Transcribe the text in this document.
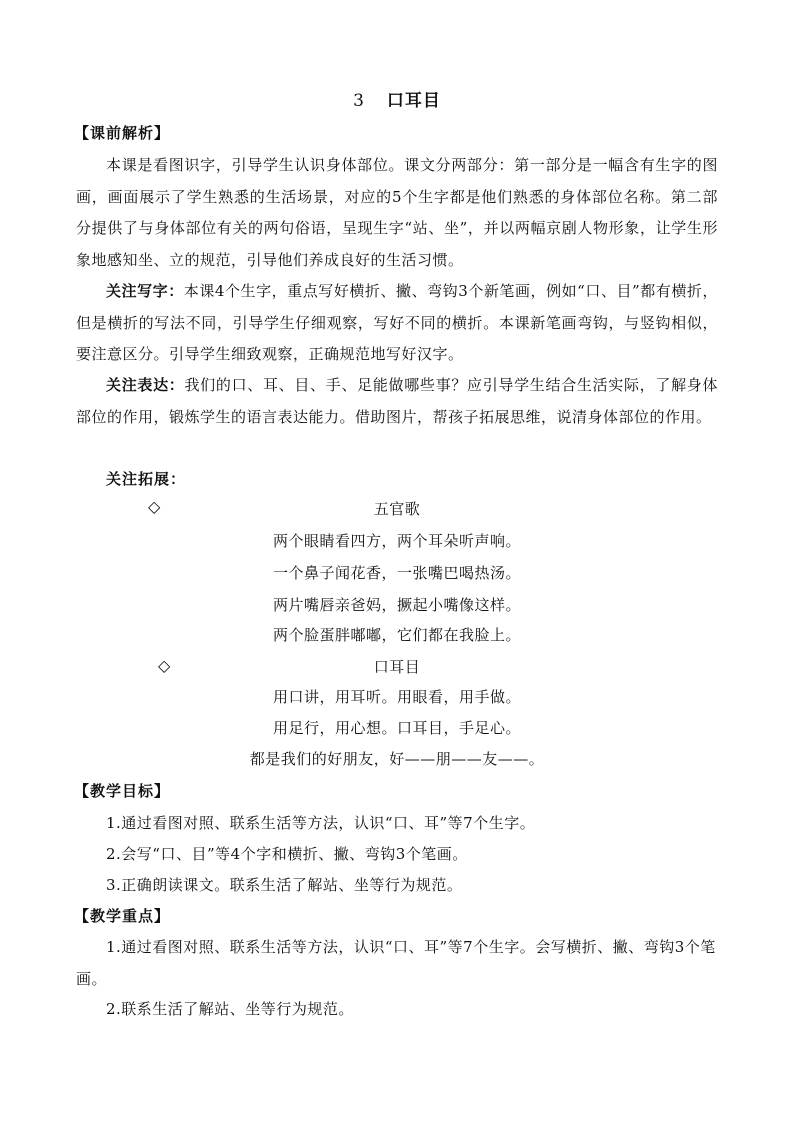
3 口耳目
【课前解析】

本课是看图识字，引导学生认识身体部位。课文分两部分：第一部分是一幅含有生字的图画，画面展示了学生熟悉的生活场景，对应的5个生字都是他们熟悉的身体部位名称。第二部分提供了与身体部位有关的两句俗语，呈现生字“站、坐”，并以两幅京剧人物形象，让学生形象地感知坐、立的规范，引导他们养成良好的生活习惯。

关注写字：本课4个生字，重点写好横折、撇、弯钩3个新笔画，例如“口、目”都有横折，但是横折的写法不同，引导学生仔细观察，写好不同的横折。本课新笔画弯钩，与竖钩相似，要注意区分。引导学生细致观察，正确规范地写好汉字。

关注表达：我们的口、耳、目、手、足能做哪些事？应引导学生结合生活实际，了解身体部位的作用，锻炼学生的语言表达能力。借助图片，帮孩子拓展思维，说清身体部位的作用。

关注拓展：
◇	五官歌
两个眼睛看四方，两个耳朵听声响。
一个鼻子闻花香，一张嘴巴喝热汤。
两片嘴唇亲爸妈，撅起小嘴像这样。
两个脸蛋胖嘟嘟，它们都在我脸上。
◇	口耳目
用口讲，用耳听。用眼看，用手做。
用足行，用心想。口耳目，手足心。
都是我们的好朋友，好——朋——友——。
【教学目标】
1.通过看图对照、联系生活等方法，认识“口、耳”等7个生字。
2.会写“口、目”等4个字和横折、撇、弯钩3个笔画。
3.正确朗读课文。联系生活了解站、坐等行为规范。
【教学重点】

1.通过看图对照、联系生活等方法，认识“口、耳”等7个生字。会写横折、撇、弯钩3个笔画。

2.联系生活了解站、坐等行为规范。
